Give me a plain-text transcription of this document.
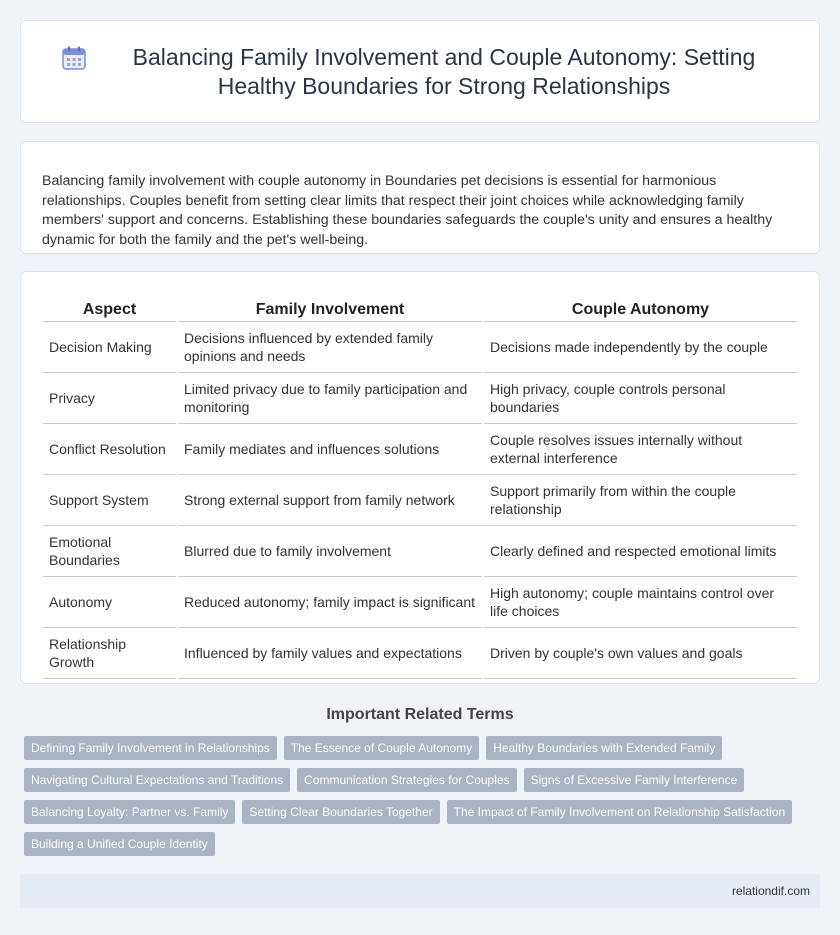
Balancing Family Involvement and Couple Autonomy: Setting Healthy Boundaries for Strong Relationships

Balancing family involvement with couple autonomy in Boundaries pet decisions is essential for harmonious relationships. Couples benefit from setting clear limits that respect their joint choices while acknowledging family members' support and concerns. Establishing these boundaries safeguards the couple's unity and ensures a healthy dynamic for both the family and the pet's well-being.

Aspect	Family Involvement	Couple Autonomy
Decision Making	Decisions influenced by extended family opinions and needs	Decisions made independently by the couple
Privacy	Limited privacy due to family participation and monitoring	High privacy, couple controls personal boundaries
Conflict Resolution	Family mediates and influences solutions	Couple resolves issues internally without external interference
Support System	Strong external support from family network	Support primarily from within the couple relationship
Emotional Boundaries	Blurred due to family involvement	Clearly defined and respected emotional limits
Autonomy	Reduced autonomy; family impact is significant	High autonomy; couple maintains control over life choices
Relationship Growth	Influenced by family values and expectations	Driven by couple's own values and goals
Important Related Terms
Defining Family Involvement in Relationships	The Essence of Couple Autonomy	Healthy Boundaries with Extended Family
Navigating Cultural Expectations and Traditions	Communication Strategies for Couples	Signs of Excessive Family Interference
Balancing Loyalty: Partner vs. Family	Setting Clear Boundaries Together	The Impact of Family Involvement on Relationship Satisfaction
Building a Unified Couple Identity
relationdif.com
